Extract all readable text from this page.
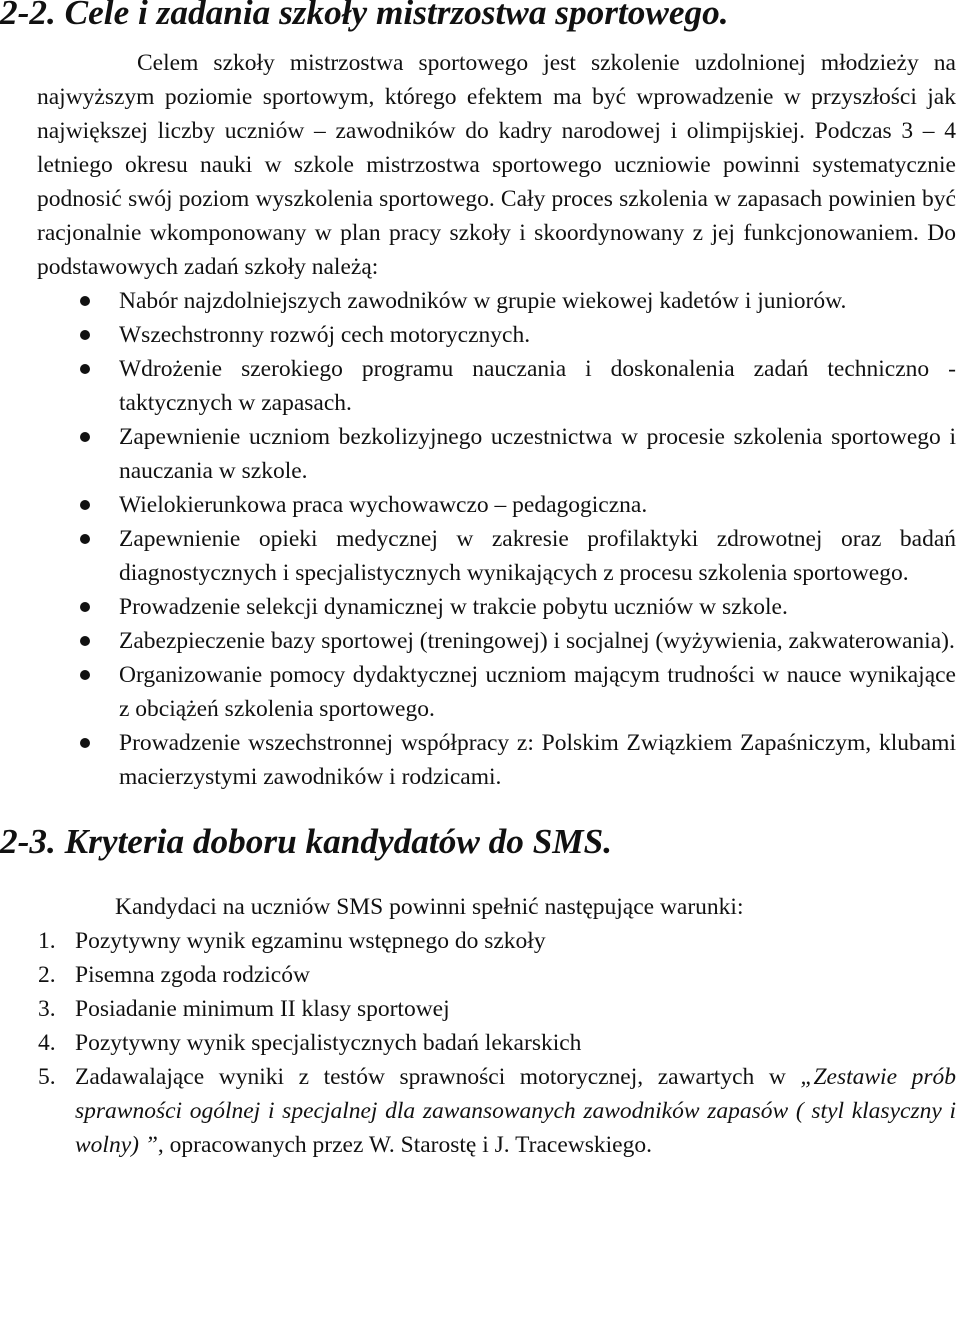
2-2. Cele i zadania szkoły mistrzostwa sportowego.

Celem szkoły mistrzostwa sportowego jest szkolenie uzdolnionej młodzieży na najwyższym poziomie sportowym, którego efektem ma być wprowadzenie w przyszłości jak największej liczby uczniów – zawodników do kadry narodowej i olimpijskiej. Podczas 3 – 4 letniego okresu nauki w szkole mistrzostwa sportowego uczniowie powinni systematycznie podnosić swój poziom wyszkolenia sportowego. Cały proces szkolenia w zapasach powinien być racjonalnie wkomponowany w plan pracy szkoły i skoordynowany z jej funkcjonowaniem. Do podstawowych zadań szkoły należą:

Nabór najzdolniejszych zawodników w grupie wiekowej kadetów i juniorów.
Wszechstronny rozwój cech motorycznych.
Wdrożenie szerokiego programu nauczania i doskonalenia zadań techniczno - taktycznych w zapasach.
Zapewnienie uczniom bezkolizyjnego uczestnictwa w procesie szkolenia sportowego i nauczania w szkole.
Wielokierunkowa praca wychowawczo – pedagogiczna.
Zapewnienie opieki medycznej w zakresie profilaktyki zdrowotnej oraz badań diagnostycznych i specjalistycznych wynikających z procesu szkolenia sportowego.
Prowadzenie selekcji dynamicznej w trakcie pobytu uczniów w szkole.
Zabezpieczenie bazy sportowej (treningowej) i socjalnej (wyżywienia, zakwaterowania).
Organizowanie pomocy dydaktycznej uczniom mającym trudności w nauce wynikające z obciążeń szkolenia sportowego.
Prowadzenie wszechstronnej współpracy z: Polskim Związkiem Zapaśniczym, klubami macierzystymi zawodników i rodzicami.
2-3. Kryteria doboru kandydatów do SMS.

Kandydaci na uczniów SMS powinni spełnić następujące warunki:

1. Pozytywny wynik egzaminu wstępnego do szkoły
2. Pisemna zgoda rodziców
3. Posiadanie minimum II klasy sportowej
4. Pozytywny wynik specjalistycznych badań lekarskich
5. Zadawalające wyniki z testów sprawności motorycznej, zawartych w „Zestawie prób sprawności ogólnej i specjalnej dla zawansowanych zawodników zapasów ( styl klasyczny i wolny) ”, opracowanych przez W. Starostę i J. Tracewskiego.
